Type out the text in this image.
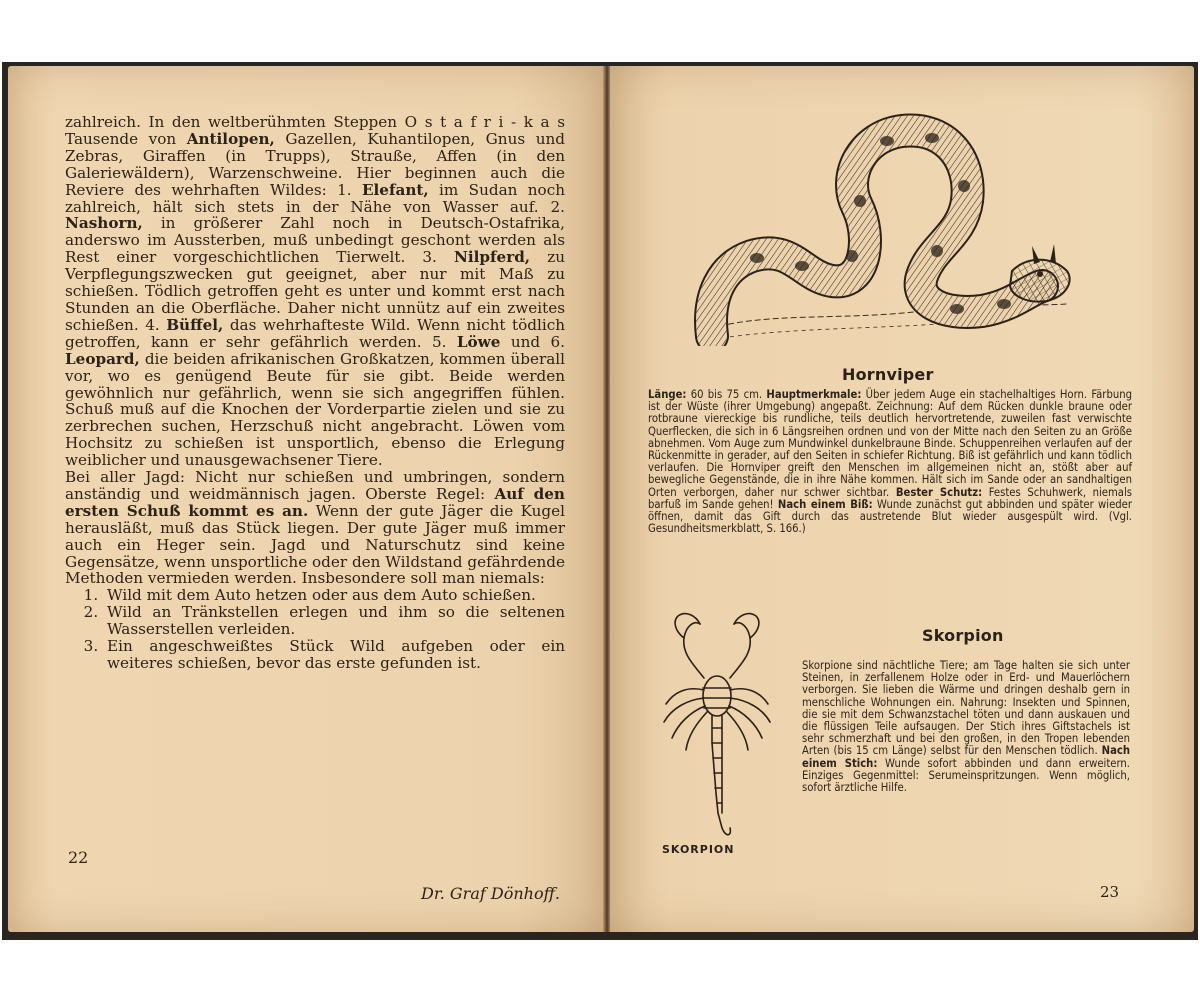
zahlreich. In den weltberühmten Steppen O s t a f r i - k a s Tausende von Antilopen, Gazellen, Kuhantilopen, Gnus und Zebras, Giraffen (in Trupps), Strauße, Affen (in den Galeriewäldern), Warzenschweine. Hier beginnen auch die Reviere des wehrhaften Wildes: 1. Elefant, im Sudan noch zahlreich, hält sich stets in der Nähe von Wasser auf. 2. Nashorn, in größerer Zahl noch in Deutsch-Ostafrika, anderswo im Aussterben, muß unbedingt geschont werden als Rest einer vorgeschichtlichen Tierwelt. 3. Nilpferd, zu Verpflegungszwecken gut geeignet, aber nur mit Maß zu schießen. Tödlich getroffen geht es unter und kommt erst nach Stunden an die Oberfläche. Daher nicht unnütz auf ein zweites schießen. 4. Büffel, das wehrhafteste Wild. Wenn nicht tödlich getroffen, kann er sehr gefährlich werden. 5. Löwe und 6. Leopard, die beiden afrikanischen Großkatzen, kommen überall vor, wo es genügend Beute für sie gibt. Beide werden gewöhnlich nur gefährlich, wenn sie sich angegriffen fühlen. Schuß muß auf die Knochen der Vorderpartie zielen und sie zu zerbrechen suchen, Herzschuß nicht angebracht. Löwen vom Hochsitz zu schießen ist unsportlich, ebenso die Erlegung weiblicher und unausgewachsener Tiere.

Bei aller Jagd: Nicht nur schießen und umbringen, sondern anständig und weidmännisch jagen. Oberste Regel: Auf den ersten Schuß kommt es an. Wenn der gute Jäger die Kugel herausläßt, muß das Stück liegen. Der gute Jäger muß immer auch ein Heger sein. Jagd und Naturschutz sind keine Gegensätze, wenn unsportliche oder den Wildstand gefährdende Methoden vermieden werden. Insbesondere soll man niemals:

1. Wild mit dem Auto hetzen oder aus dem Auto schießen.
2. Wild an Tränkstellen erlegen und ihm so die seltenen Wasserstellen verleiden.
3. Ein angeschweißtes Stück Wild aufgeben oder ein weiteres schießen, bevor das erste gefunden ist.
Dr. Graf Dönhoff.
22
Hornviper
Länge: 60 bis 75 cm. Hauptmerkmale: Über jedem Auge ein stachelhaltiges Horn. Färbung ist der Wüste (ihrer Umgebung) angepaßt. Zeichnung: Auf dem Rücken dunkle braune oder rotbraune viereckige bis rundliche, teils deutlich hervortretende, zuweilen fast verwischte Querflecken, die sich in 6 Längsreihen ordnen und von der Mitte nach den Seiten zu an Größe abnehmen. Vom Auge zum Mundwinkel dunkelbraune Binde. Schuppenreihen verlaufen auf der Rückenmitte in gerader, auf den Seiten in schiefer Richtung. Biß ist gefährlich und kann tödlich verlaufen. Die Hornviper greift den Menschen im allgemeinen nicht an, stößt aber auf bewegliche Gegenstände, die in ihre Nähe kommen. Hält sich im Sande oder an sandhaltigen Orten verborgen, daher nur schwer sichtbar. Bester Schutz: Festes Schuhwerk, niemals barfuß im Sande gehen! Nach einem Biß: Wunde zunächst gut abbinden und später wieder öffnen, damit das Gift durch das austretende Blut wieder ausgespült wird. (Vgl. Gesundheitsmerkblatt, S. 166.)
SKORPION
Skorpion
Skorpione sind nächtliche Tiere; am Tage halten sie sich unter Steinen, in zerfallenem Holze oder in Erd- und Mauerlöchern verborgen. Sie lieben die Wärme und dringen deshalb gern in menschliche Wohnungen ein. Nahrung: Insekten und Spinnen, die sie mit dem Schwanzstachel töten und dann auskauen und die flüssigen Teile aufsaugen. Der Stich ihres Giftstachels ist sehr schmerzhaft und bei den großen, in den Tropen lebenden Arten (bis 15 cm Länge) selbst für den Menschen tödlich. Nach einem Stich: Wunde sofort abbinden und dann erweitern. Einziges Gegenmittel: Serumeinspritzungen. Wenn möglich, sofort ärztliche Hilfe.
23
